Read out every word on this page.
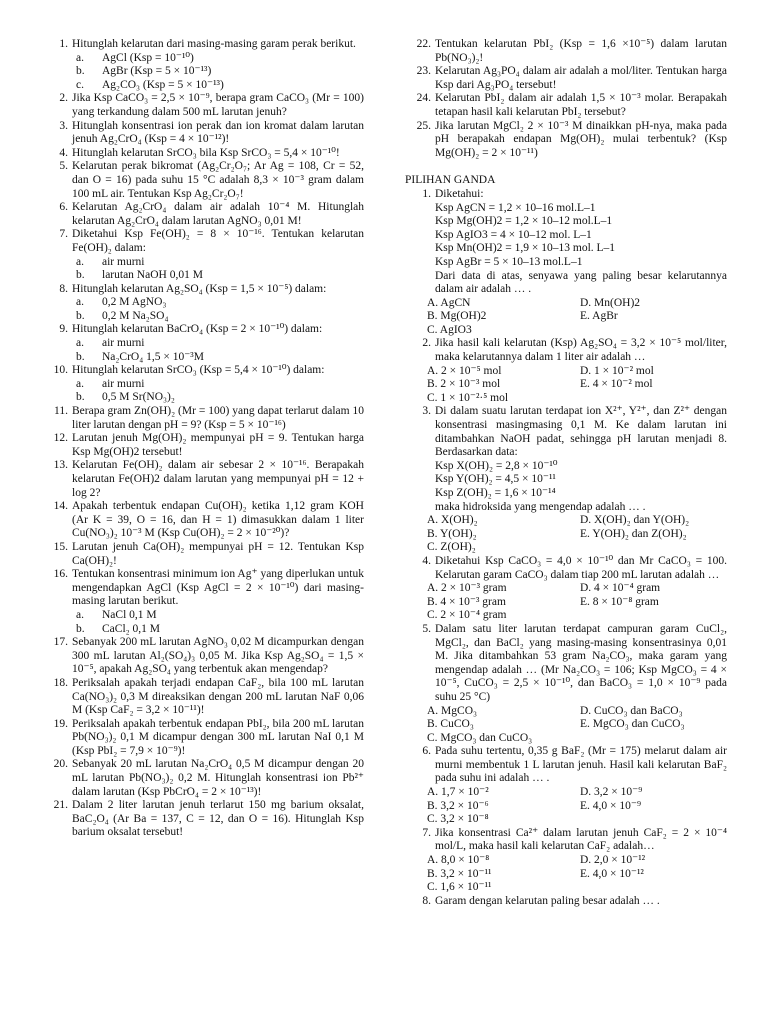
1. Hitunglah kelarutan dari masing-masing garam perak berikut.
a. AgCl (Ksp = 10⁻¹⁰)
b. AgBr (Ksp = 5 × 10⁻¹³)
c. Ag₂CO₃ (Ksp = 5 × 10⁻¹³)
2. Jika Ksp CaCO₃ = 2,5 × 10⁻⁹, berapa gram CaCO₃ (Mr = 100) yang terkandung dalam 500 mL larutan jenuh?
3. Hitunglah konsentrasi ion perak dan ion kromat dalam larutan jenuh Ag₂CrO₄ (Ksp = 4 × 10⁻¹²)!
4. Hitunglah kelarutan SrCO₃ bila Ksp SrCO₃ = 5,4 × 10⁻¹⁰!
5. Kelarutan perak bikromat (Ag₂Cr₂O₇; Ar Ag = 108, Cr = 52, dan O = 16) pada suhu 15 °C adalah 8,3 × 10⁻³ gram dalam 100 mL air. Tentukan Ksp Ag₂Cr₂O₇!
6. Kelarutan Ag₂CrO₄ dalam air adalah 10⁻⁴ M. Hitunglah kelarutan Ag₂CrO₄ dalam larutan AgNO₃ 0,01 M!
7. Diketahui Ksp Fe(OH)₂ = 8 × 10⁻¹⁶. Tentukan kelarutan Fe(OH)₂ dalam:
a. air murni
b. larutan NaOH 0,01 M
8. Hitunglah kelarutan Ag₂SO₄ (Ksp = 1,5 × 10⁻⁵) dalam:
a. 0,2 M AgNO₃
b. 0,2 M Na₂SO₄
9. Hitunglah kelarutan BaCrO₄ (Ksp = 2 × 10⁻¹⁰) dalam:
a. air murni
b. Na₂CrO₄ 1,5 × 10⁻³M
10. Hitunglah kelarutan SrCO₃ (Ksp = 5,4 × 10⁻¹⁰) dalam:
a. air murni
b. 0,5 M Sr(NO₃)₂
11. Berapa gram Zn(OH)₂ (Mr = 100) yang dapat terlarut dalam 10 liter larutan dengan pH = 9? (Ksp = 5 × 10⁻¹⁶)
12. Larutan jenuh Mg(OH)₂ mempunyai pH = 9. Tentukan harga Ksp Mg(OH)2 tersebut!
13. Kelarutan Fe(OH)₂ dalam air sebesar 2 × 10⁻¹⁶. Berapakah kelarutan Fe(OH)2 dalam larutan yang mempunyai pH = 12 + log 2?
14. Apakah terbentuk endapan Cu(OH)₂ ketika 1,12 gram KOH (Ar K = 39, O = 16, dan H = 1) dimasukkan dalam 1 liter Cu(NO₃)₂ 10⁻³ M (Ksp Cu(OH)₂ = 2 × 10⁻²⁰)?
15. Larutan jenuh Ca(OH)₂ mempunyai pH = 12. Tentukan Ksp Ca(OH)₂!
16. Tentukan konsentrasi minimum ion Ag⁺ yang diperlukan untuk mengendapkan AgCl (Ksp AgCl = 2 × 10⁻¹⁰) dari masing-masing larutan berikut.
a. NaCl 0,1 M
b. CaCl₂ 0,1 M
17. Sebanyak 200 mL larutan AgNO₃ 0,02 M dicampurkan dengan 300 mL larutan Al₂(SO₄)₃ 0,05 M. Jika Ksp Ag₂SO₄ = 1,5 × 10⁻⁵, apakah Ag₂SO₄ yang terbentuk akan mengendap?
18. Periksalah apakah terjadi endapan CaF₂, bila 100 mL larutan Ca(NO₃)₂ 0,3 M direaksikan dengan 200 mL larutan NaF 0,06 M (Ksp CaF₂ = 3,2 × 10⁻¹¹)!
19. Periksalah apakah terbentuk endapan PbI₂, bila 200 mL larutan Pb(NO₃)₂ 0,1 M dicampur dengan 300 mL larutan NaI 0,1 M (Ksp PbI₂ = 7,9 × 10⁻⁹)!
20. Sebanyak 20 mL larutan Na₂CrO₄ 0,5 M dicampur dengan 20 mL larutan Pb(NO₃)₂ 0,2 M. Hitunglah konsentrasi ion Pb²⁺ dalam larutan (Ksp PbCrO₄ = 2 × 10⁻¹³)!
21. Dalam 2 liter larutan jenuh terlarut 150 mg barium oksalat, BaC₂O₄ (Ar Ba = 137, C = 12, dan O = 16). Hitunglah Ksp barium oksalat tersebut!
22. Tentukan kelarutan PbI₂ (Ksp = 1,6 ×10⁻⁵) dalam larutan Pb(NO₃)₂!
23. Kelarutan Ag₃PO₄ dalam air adalah a mol/liter. Tentukan harga Ksp dari Ag₃PO₄ tersebut!
24. Kelarutan PbI₂ dalam air adalah 1,5 × 10⁻³ molar. Berapakah tetapan hasil kali kelarutan PbI₂ tersebut?
25. Jika larutan MgCl₂ 2 × 10⁻³ M dinaikkan pH-nya, maka pada pH berapakah endapan Mg(OH)₂ mulai terbentuk? (Ksp Mg(OH)₂ = 2 × 10⁻¹¹)
PILIHAN GANDA
1. Diketahui:
Ksp AgCN = 1,2 × 10–16 mol.L–1
Ksp Mg(OH)2 = 1,2 × 10–12 mol.L–1
Ksp AgIO3 = 4 × 10–12 mol. L–1
Ksp Mn(OH)2 = 1,9 × 10–13 mol. L–1
Ksp AgBr = 5 × 10–13 mol.L–1
Dari data di atas, senyawa yang paling besar kelarutannya dalam air adalah … .
A. AgCN	D. Mn(OH)2
B. Mg(OH)2	E. AgBr
C. AgIO3
2. Jika hasil kali kelarutan (Ksp) Ag₂SO₄ = 3,2 × 10⁻⁵ mol/liter, maka kelarutannya dalam 1 liter air adalah …
A. 2 × 10⁻⁵ mol	D. 1 × 10⁻² mol
B. 2 × 10⁻³ mol	E. 4 × 10⁻² mol
C. 1 × 10⁻²·⁵ mol
3. Di dalam suatu larutan terdapat ion X²⁺, Y²⁺, dan Z²⁺ dengan konsentrasi masingmasing 0,1 M. Ke dalam larutan ini ditambahkan NaOH padat, sehingga pH larutan menjadi 8. Berdasarkan data:
Ksp X(OH)₂ = 2,8 × 10⁻¹⁰
Ksp Y(OH)₂ = 4,5 × 10⁻¹¹
Ksp Z(OH)₂ = 1,6 × 10⁻¹⁴
maka hidroksida yang mengendap adalah … .
A. X(OH)₂	D. X(OH)₂ dan Y(OH)₂
B. Y(OH)₂	E. Y(OH)₂ dan Z(OH)₂
C. Z(OH)₂
4. Diketahui Ksp CaCO₃ = 4,0 × 10⁻¹⁰ dan Mr CaCO₃ = 100. Kelarutan garam CaCO₃ dalam tiap 200 mL larutan adalah …
A. 2 × 10⁻³ gram	D. 4 × 10⁻⁴ gram
B. 4 × 10⁻³ gram	E. 8 × 10⁻⁸ gram
C. 2 × 10⁻⁴ gram
5. Dalam satu liter larutan terdapat campuran garam CuCl₂, MgCl₂, dan BaCl₂ yang masing-masing konsentrasinya 0,01 M. Jika ditambahkan 53 gram Na₂CO₃, maka garam yang mengendap adalah … (Mr Na₂CO₃ = 106; Ksp MgCO₃ = 4 × 10⁻⁵, CuCO₃ = 2,5 × 10⁻¹⁰, dan BaCO₃ = 1,0 × 10⁻⁹ pada suhu 25 °C)
A. MgCO₃	D. CuCO₃ dan BaCO₃
B. CuCO₃	E. MgCO₃ dan CuCO₃
C. MgCO₃ dan CuCO₃
6. Pada suhu tertentu, 0,35 g BaF₂ (Mr = 175) melarut dalam air murni membentuk 1 L larutan jenuh. Hasil kali kelarutan BaF₂ pada suhu ini adalah … .
A. 1,7 × 10⁻²	D. 3,2 × 10⁻⁹
B. 3,2 × 10⁻⁶	E. 4,0 × 10⁻⁹
C. 3,2 × 10⁻⁸
7. Jika konsentrasi Ca²⁺ dalam larutan jenuh CaF₂ = 2 × 10⁻⁴ mol/L, maka hasil kali kelarutan CaF₂ adalah…
A. 8,0 × 10⁻⁸	D. 2,0 × 10⁻¹²
B. 3,2 × 10⁻¹¹	E. 4,0 × 10⁻¹²
C. 1,6 × 10⁻¹¹
8. Garam dengan kelarutan paling besar adalah … .
